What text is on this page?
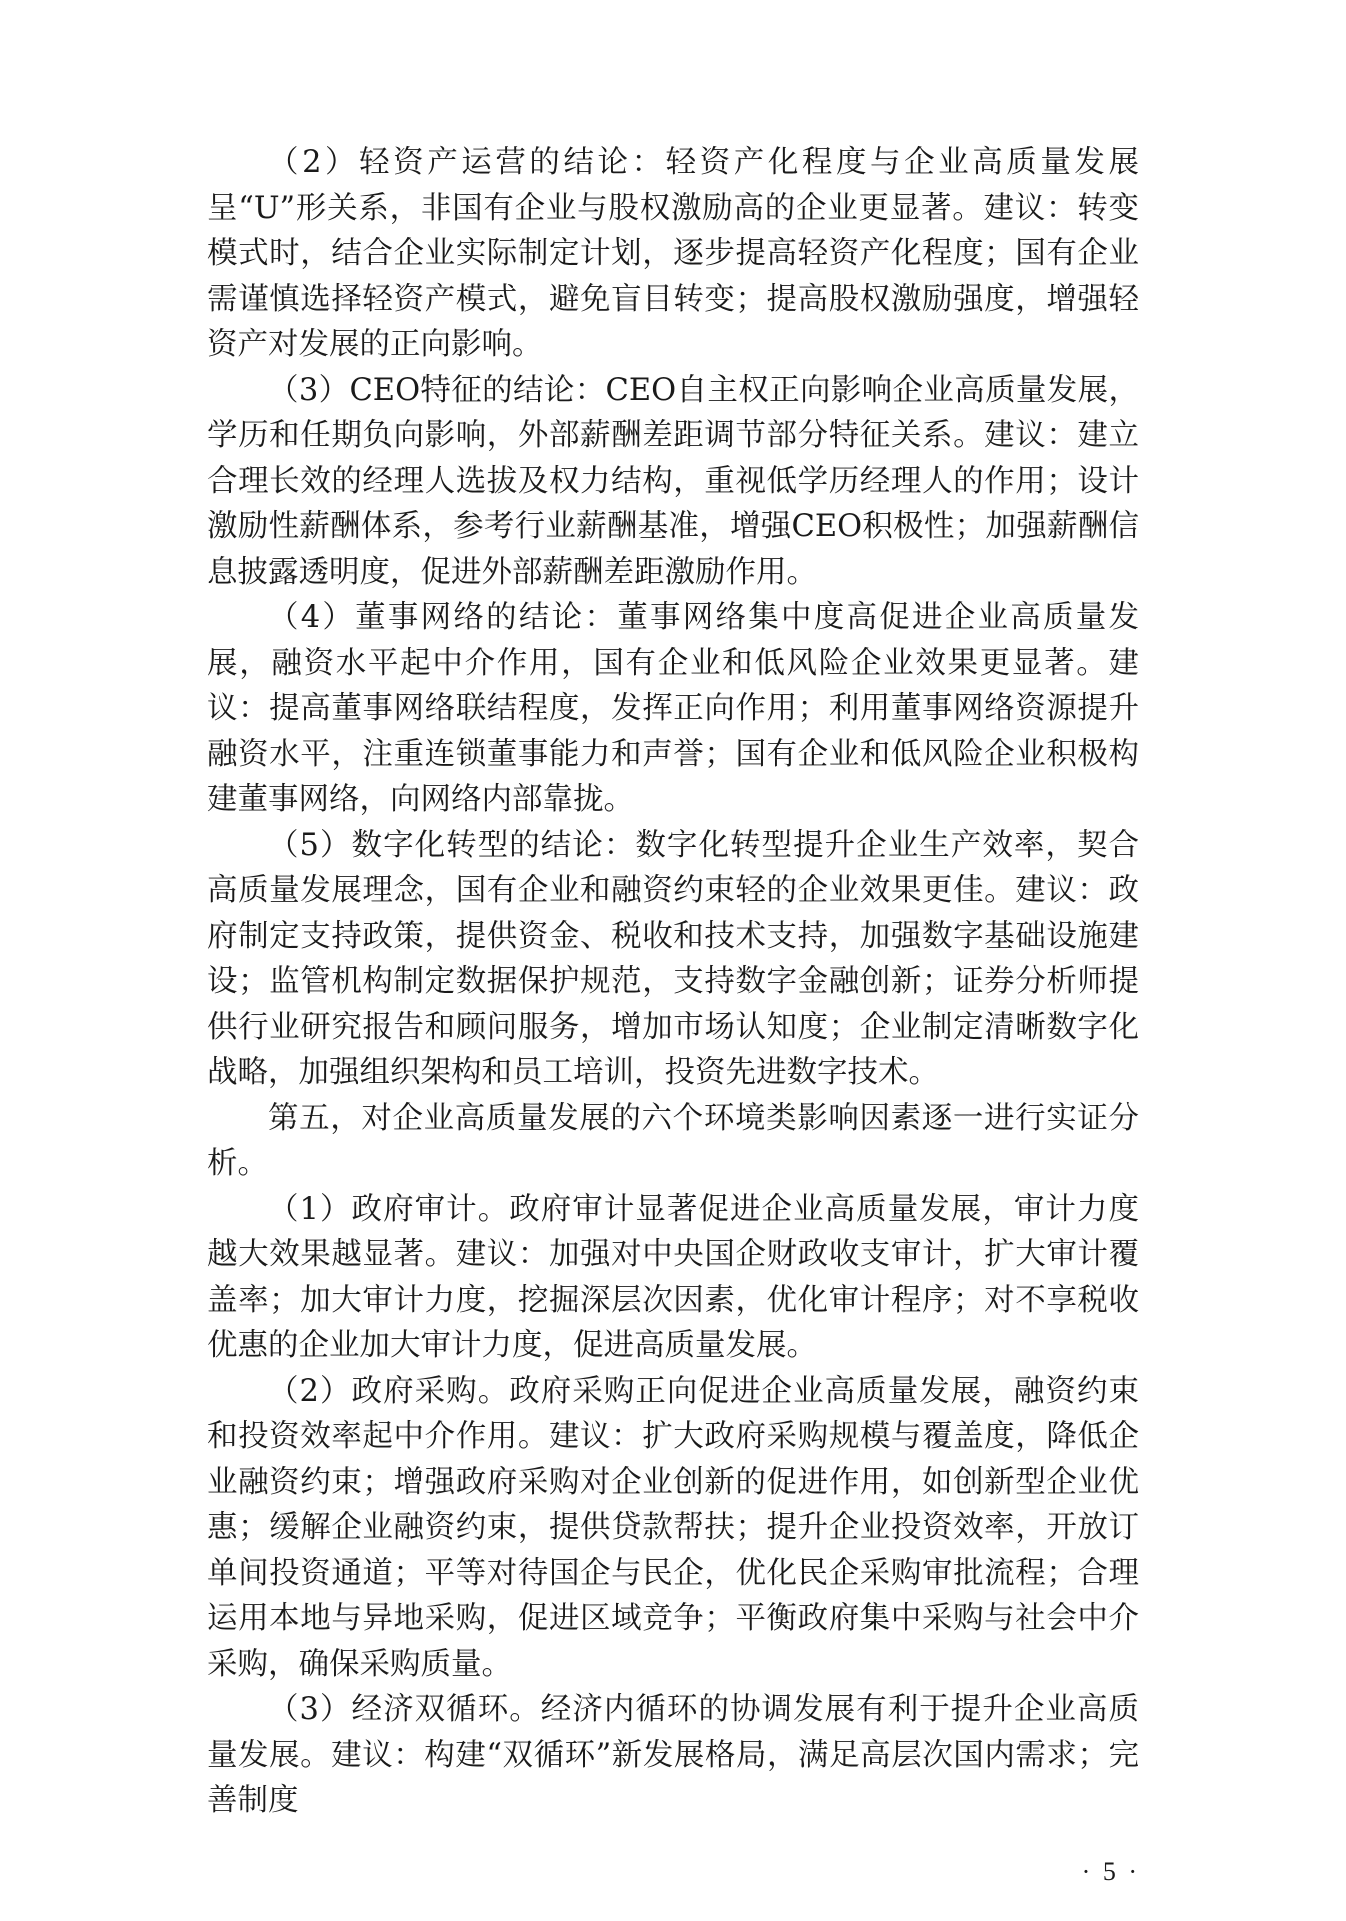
（2）轻资产运营的结论：轻资产化程度与企业高质量发展呈“U”形关系，非国有企业与股权激励高的企业更显著。建议：转变模式时，结合企业实际制定计划，逐步提高轻资产化程度；国有企业需谨慎选择轻资产模式，避免盲目转变；提高股权激励强度，增强轻资产对发展的正向影响。

（3）CEO特征的结论：CEO自主权正向影响企业高质量发展，学历和任期负向影响，外部薪酬差距调节部分特征关系。建议：建立合理长效的经理人选拔及权力结构，重视低学历经理人的作用；设计激励性薪酬体系，参考行业薪酬基准，增强CEO积极性；加强薪酬信息披露透明度，促进外部薪酬差距激励作用。

（4）董事网络的结论：董事网络集中度高促进企业高质量发展，融资水平起中介作用，国有企业和低风险企业效果更显著。建议：提高董事网络联结程度，发挥正向作用；利用董事网络资源提升融资水平，注重连锁董事能力和声誉；国有企业和低风险企业积极构建董事网络，向网络内部靠拢。

（5）数字化转型的结论：数字化转型提升企业生产效率，契合高质量发展理念，国有企业和融资约束轻的企业效果更佳。建议：政府制定支持政策，提供资金、税收和技术支持，加强数字基础设施建设；监管机构制定数据保护规范，支持数字金融创新；证券分析师提供行业研究报告和顾问服务，增加市场认知度；企业制定清晰数字化战略，加强组织架构和员工培训，投资先进数字技术。

第五，对企业高质量发展的六个环境类影响因素逐一进行实证分析。

（1）政府审计。政府审计显著促进企业高质量发展，审计力度越大效果越显著。建议：加强对中央国企财政收支审计，扩大审计覆盖率；加大审计力度，挖掘深层次因素，优化审计程序；对不享税收优惠的企业加大审计力度，促进高质量发展。

（2）政府采购。政府采购正向促进企业高质量发展，融资约束和投资效率起中介作用。建议：扩大政府采购规模与覆盖度，降低企业融资约束；增强政府采购对企业创新的促进作用，如创新型企业优惠；缓解企业融资约束，提供贷款帮扶；提升企业投资效率，开放订单间投资通道；平等对待国企与民企，优化民企采购审批流程；合理运用本地与异地采购，促进区域竞争；平衡政府集中采购与社会中介采购，确保采购质量。

（3）经济双循环。经济内循环的协调发展有利于提升企业高质量发展。建议：构建“双循环”新发展格局，满足高层次国内需求；完善制度

· 5 ·
